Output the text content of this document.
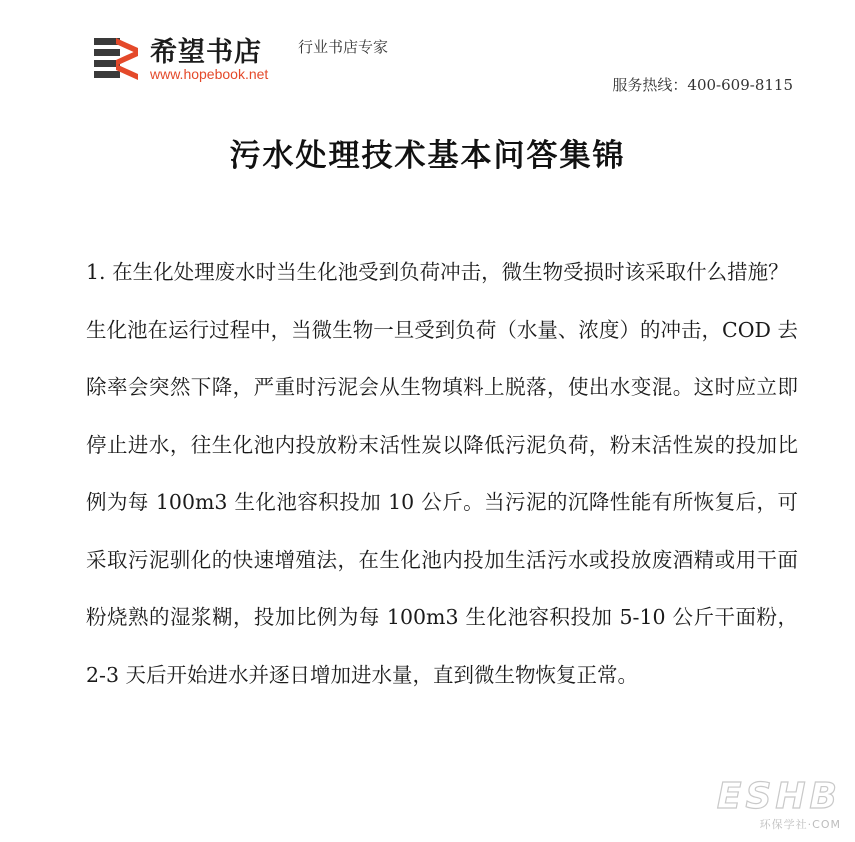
希望书店
www.hopebook.net
行业书店专家
服务热线：400-609-8115
污水处理技术基本问答集锦

1. 在生化处理废水时当生化池受到负荷冲击，微生物受损时该采取什么措施？

生化池在运行过程中，当微生物一旦受到负荷（水量、浓度）的冲击，COD 去除率会突然下降，严重时污泥会从生物填料上脱落，使出水变混。这时应立即停止进水，往生化池内投放粉末活性炭以降低污泥负荷，粉末活性炭的投加比例为每 100m3 生化池容积投加 10 公斤。当污泥的沉降性能有所恢复后，可采取污泥驯化的快速增殖法，在生化池内投加生活污水或投放废酒精或用干面粉烧熟的湿浆糊，投加比例为每 100m3 生化池容积投加 5-10 公斤干面粉，2-3 天后开始进水并逐日增加进水量，直到微生物恢复正常。

ESHB
环保学社·COM
